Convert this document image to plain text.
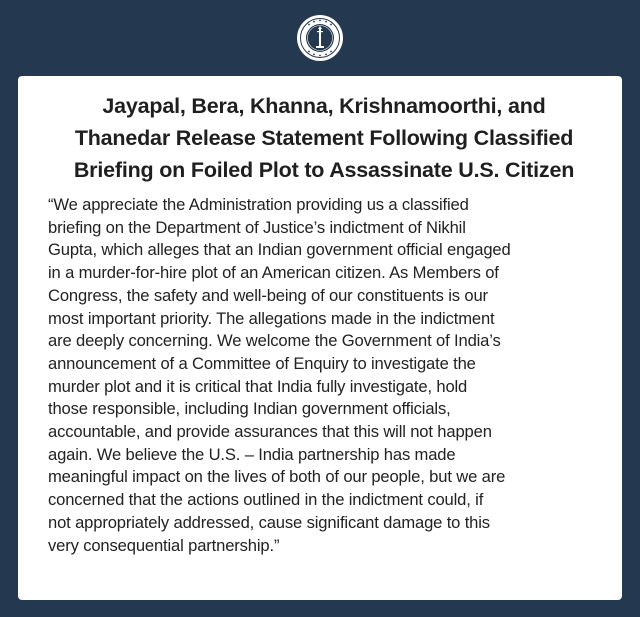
Jayapal, Bera, Khanna, Krishnamoorthi, and
Thanedar Release Statement Following Classified
Briefing on Foiled Plot to Assassinate U.S. Citizen

“We appreciate the Administration providing us a classified
briefing on the Department of Justice’s indictment of Nikhil
Gupta, which alleges that an Indian government official engaged
in a murder-for-hire plot of an American citizen. As Members of
Congress, the safety and well-being of our constituents is our
most important priority. The allegations made in the indictment
are deeply concerning. We welcome the Government of India’s
announcement of a Committee of Enquiry to investigate the
murder plot and it is critical that India fully investigate, hold
those responsible, including Indian government officials,
accountable, and provide assurances that this will not happen
again. We believe the U.S. – India partnership has made
meaningful impact on the lives of both of our people, but we are
concerned that the actions outlined in the indictment could, if
not appropriately addressed, cause significant damage to this
very consequential partnership.”
